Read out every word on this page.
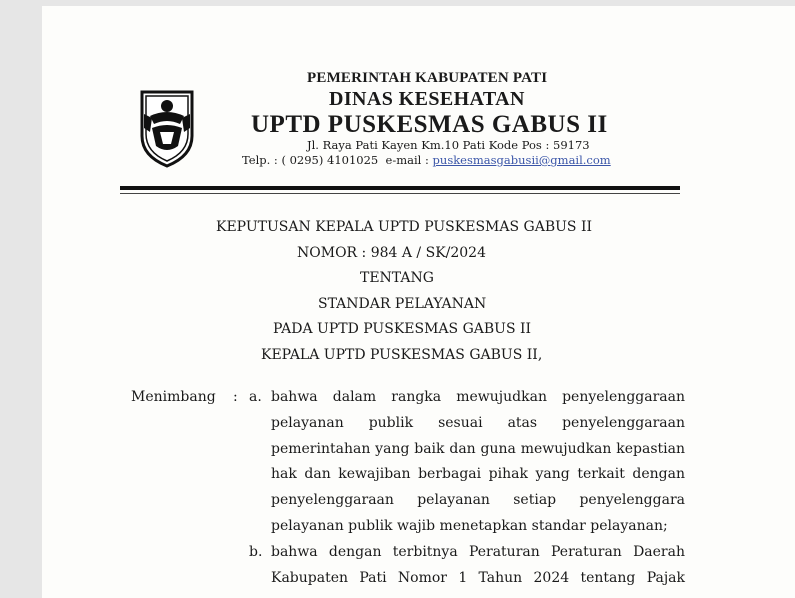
PEMERINTAH KABUPATEN PATI
DINAS KESEHATAN
UPTD PUSKESMAS GABUS II
Jl. Raya Pati Kayen Km.10 Pati Kode Pos : 59173
Telp. : ( 0295) 4101025  e-mail : puskesmasgabusii@gmail.com
KEPUTUSAN KEPALA UPTD PUSKESMAS GABUS II
NOMOR : 984 A / SK/2024
TENTANG
STANDAR PELAYANAN
PADA UPTD PUSKESMAS GABUS II
KEPALA UPTD PUSKESMAS GABUS II,
Menimbang : a. bahwa dalam rangka mewujudkan penyelenggaraan
pelayanan publik sesuai atas penyelenggaraan
pemerintahan yang baik dan guna mewujudkan kepastian
hak dan kewajiban berbagai pihak yang terkait dengan
penyelenggaraan pelayanan setiap penyelenggara
pelayanan publik wajib menetapkan standar pelayanan;
b. bahwa dengan terbitnya Peraturan Peraturan Daerah
Kabupaten Pati Nomor 1 Tahun 2024 tentang Pajak
